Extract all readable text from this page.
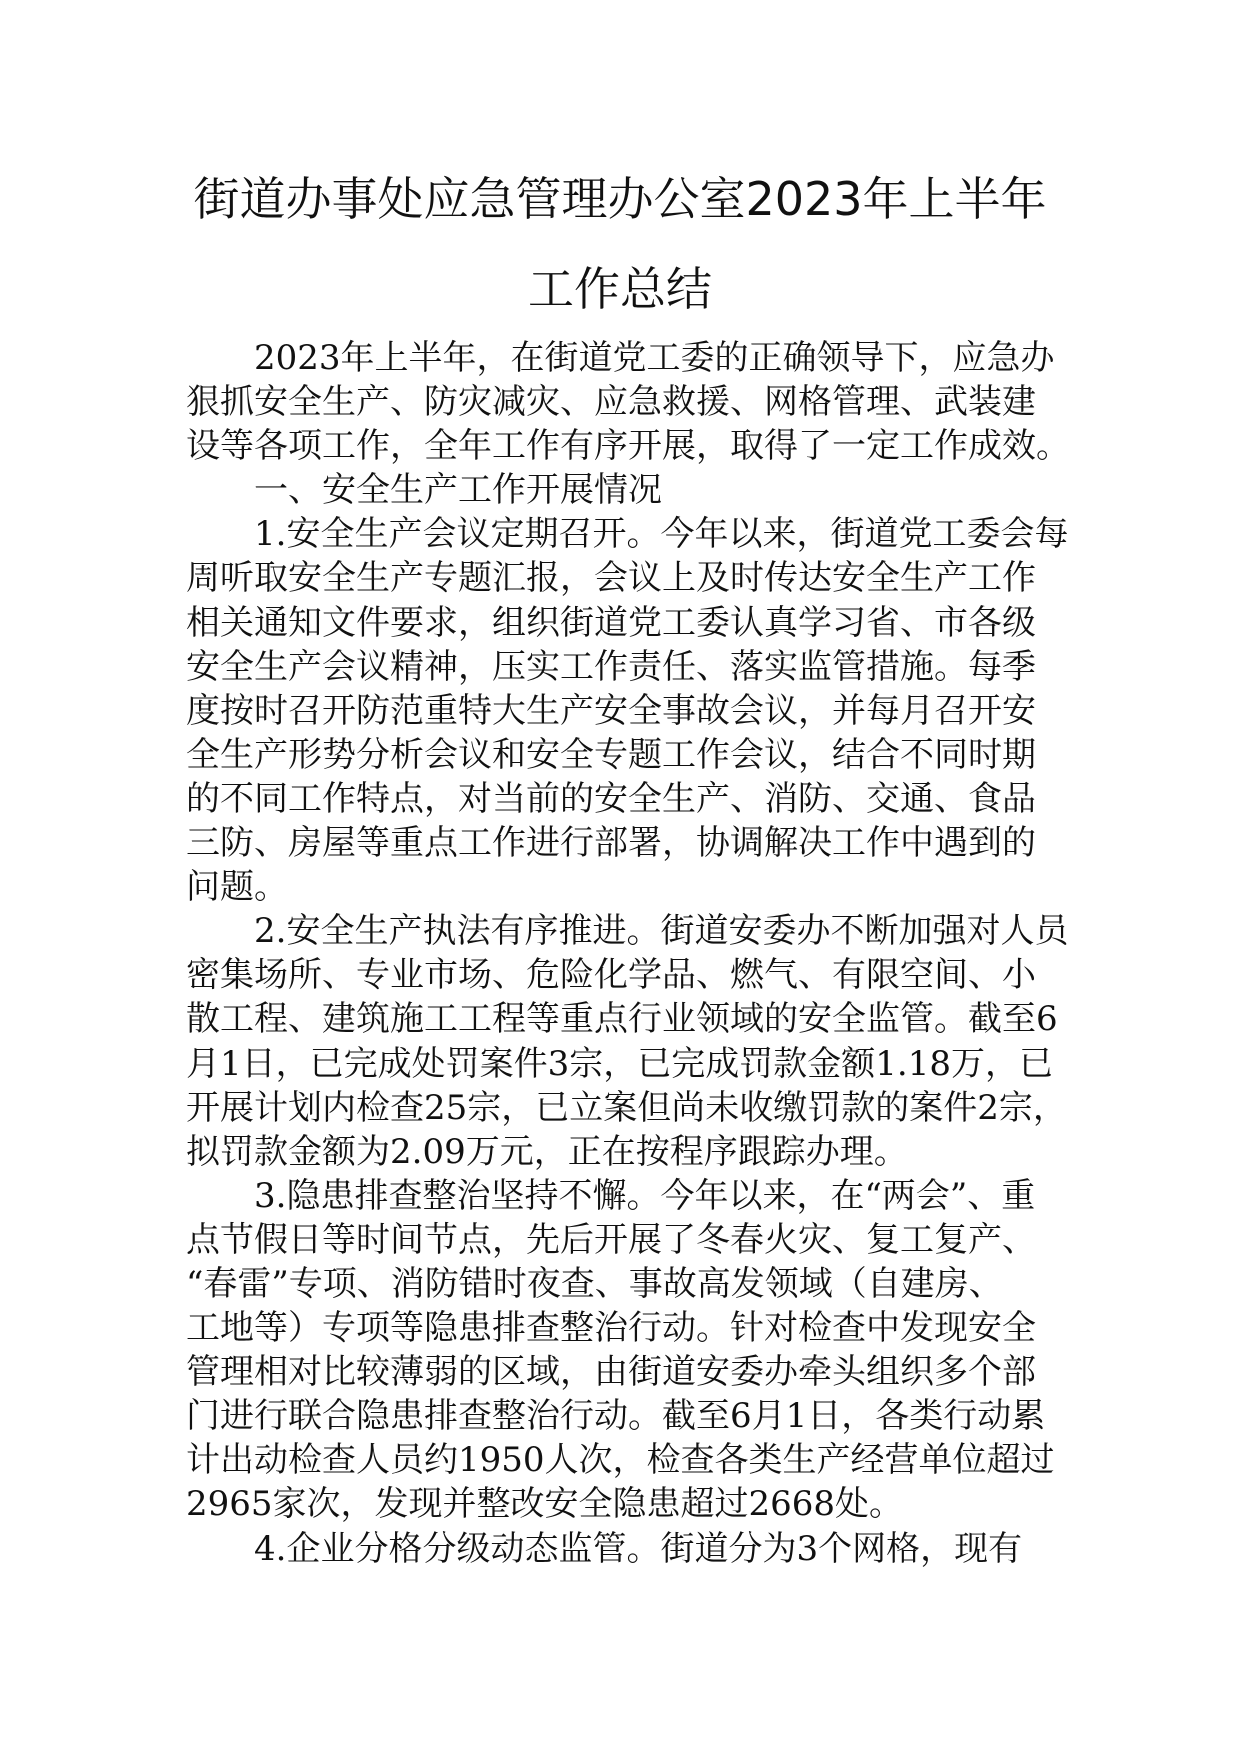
街道办事处应急管理办公室2023年上半年
工作总结
2023年上半年，在街道党工委的正确领导下，应急办
狠抓安全生产、防灾减灾、应急救援、网格管理、武装建
设等各项工作，全年工作有序开展，取得了一定工作成效。
一、安全生产工作开展情况
1.安全生产会议定期召开。今年以来，街道党工委会每
周听取安全生产专题汇报，会议上及时传达安全生产工作
相关通知文件要求，组织街道党工委认真学习省、市各级
安全生产会议精神，压实工作责任、落实监管措施。每季
度按时召开防范重特大生产安全事故会议，并每月召开安
全生产形势分析会议和安全专题工作会议，结合不同时期
的不同工作特点，对当前的安全生产、消防、交通、食品
三防、房屋等重点工作进行部署，协调解决工作中遇到的
问题。
2.安全生产执法有序推进。街道安委办不断加强对人员
密集场所、专业市场、危险化学品、燃气、有限空间、小
散工程、建筑施工工程等重点行业领域的安全监管。截至6
月1日，已完成处罚案件3宗，已完成罚款金额1.18万，已
开展计划内检查25宗，已立案但尚未收缴罚款的案件2宗，
拟罚款金额为2.09万元，正在按程序跟踪办理。
3.隐患排查整治坚持不懈。今年以来，在“两会”、重
点节假日等时间节点，先后开展了冬春火灾、复工复产、
“春雷”专项、消防错时夜查、事故高发领域（自建房、
工地等）专项等隐患排查整治行动。针对检查中发现安全
管理相对比较薄弱的区域，由街道安委办牵头组织多个部
门进行联合隐患排查整治行动。截至6月1日，各类行动累
计出动检查人员约1950人次，检查各类生产经营单位超过
2965家次，发现并整改安全隐患超过2668处。
4.企业分格分级动态监管。街道分为3个网格，现有
